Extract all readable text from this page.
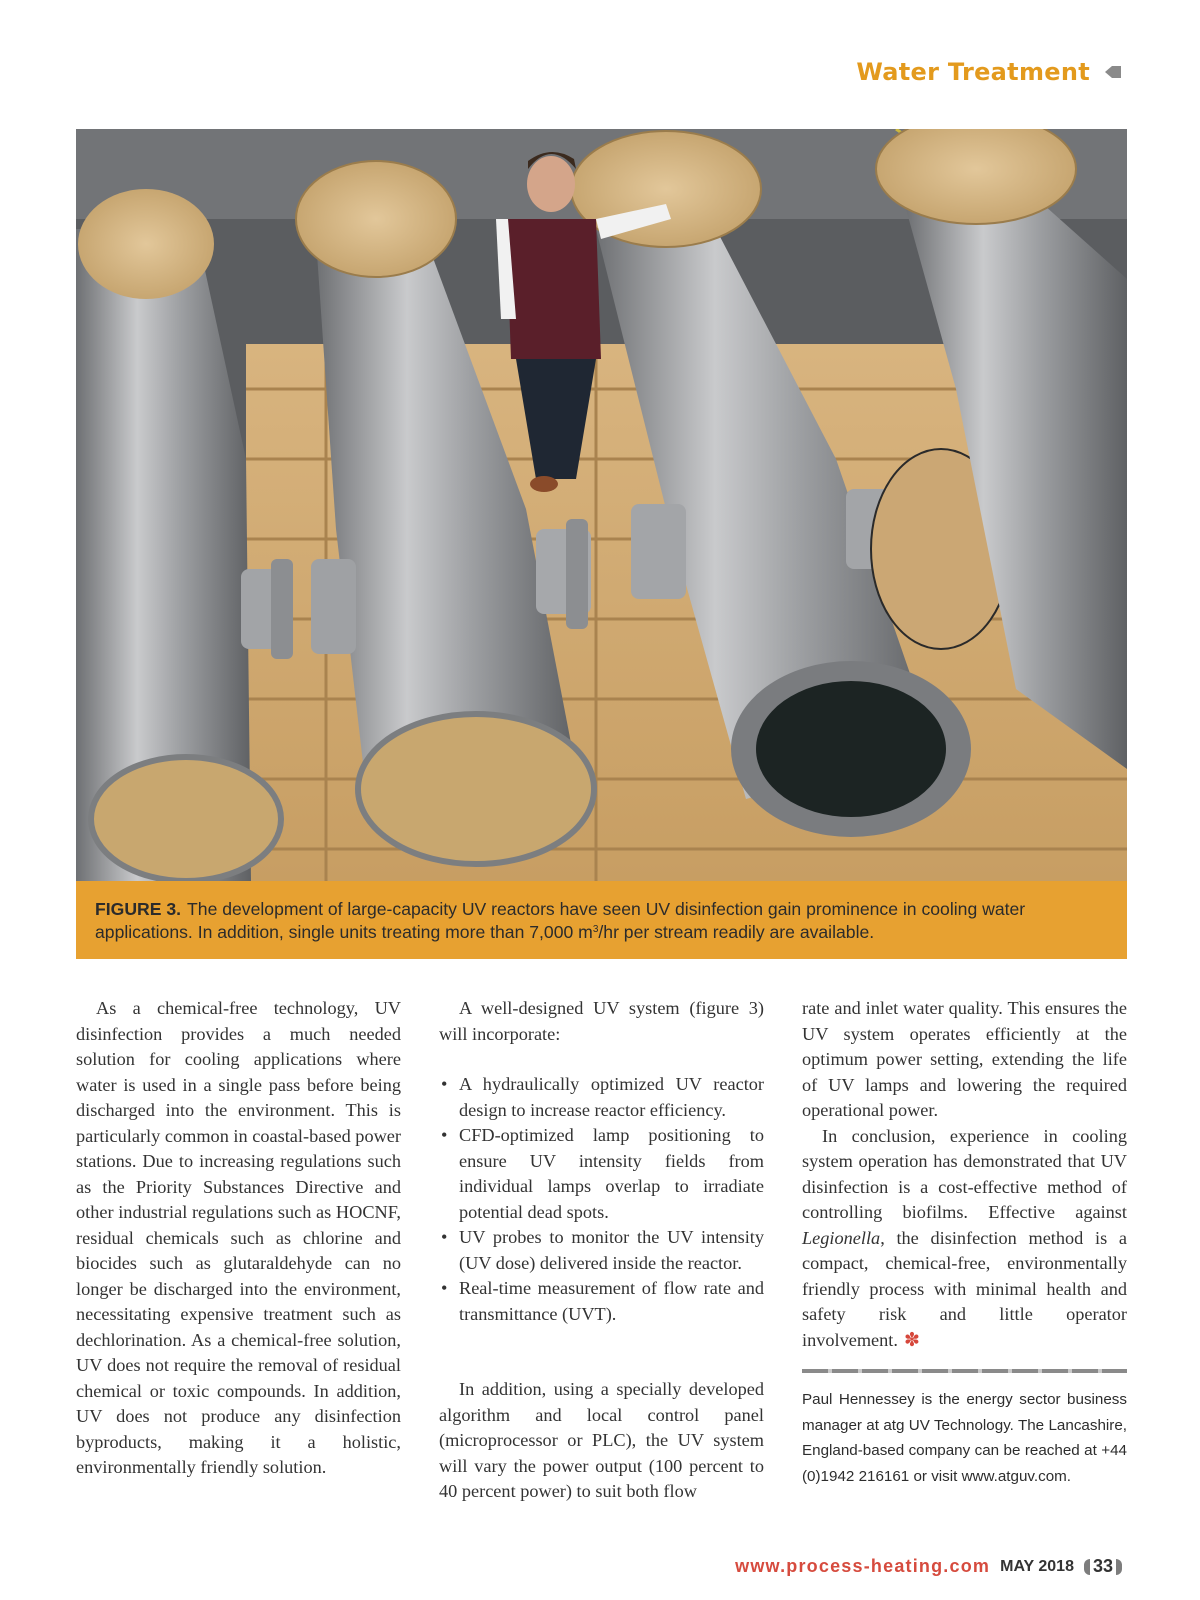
Water Treatment
FIGURE 3. The development of large-capacity UV reactors have seen UV disinfection gain prominence in cooling water applications. In addition, single units treating more than 7,000 $m^3/hr$ per stream readily are available.

As a chemical-free technology, UV disinfection provides a much needed solution for cooling applications where water is used in a single pass before being discharged into the environment. This is particularly common in coastal-based power stations. Due to increasing regulations such as the Priority Substances Directive and other industrial regulations such as HOCNF, residual chemicals such as chlorine and biocides such as glutaraldehyde can no longer be discharged into the environment, necessitating expensive treatment such as dechlorination. As a chemical-free solution, UV does not require the removal of residual chemical or toxic compounds. In addition, UV does not produce any disinfection byproducts, making it a holistic, environmentally friendly solution.

A well-designed UV system (figure 3) will incorporate:

• A hydraulically optimized UV reactor design to increase reactor efficiency.
• CFD-optimized lamp positioning to ensure UV intensity fields from individual lamps overlap to irradiate potential dead spots.
• UV probes to monitor the UV intensity (UV dose) delivered inside the reactor.
• Real-time measurement of flow rate and transmittance (UVT).

In addition, using a specially developed algorithm and local control panel (microprocessor or PLC), the UV system will vary the power output (100 percent to 40 percent power) to suit both flow

rate and inlet water quality. This ensures the UV system operates efficiently at the optimum power setting, extending the life of UV lamps and lowering the required operational power.

In conclusion, experience in cooling system operation has demonstrated that UV disinfection is a cost-effective method of controlling biofilms. Effective against Legionella, the disinfection method is a compact, chemical-free, environmentally friendly process with minimal health and safety risk and little operator involvement. ✽

Paul Hennessey is the energy sector business manager at atg UV Technology. The Lancashire, England-based company can be reached at +44 (0)1942 216161 or visit www.atguv.com.

www.process-heating.com MAY 2018 33
